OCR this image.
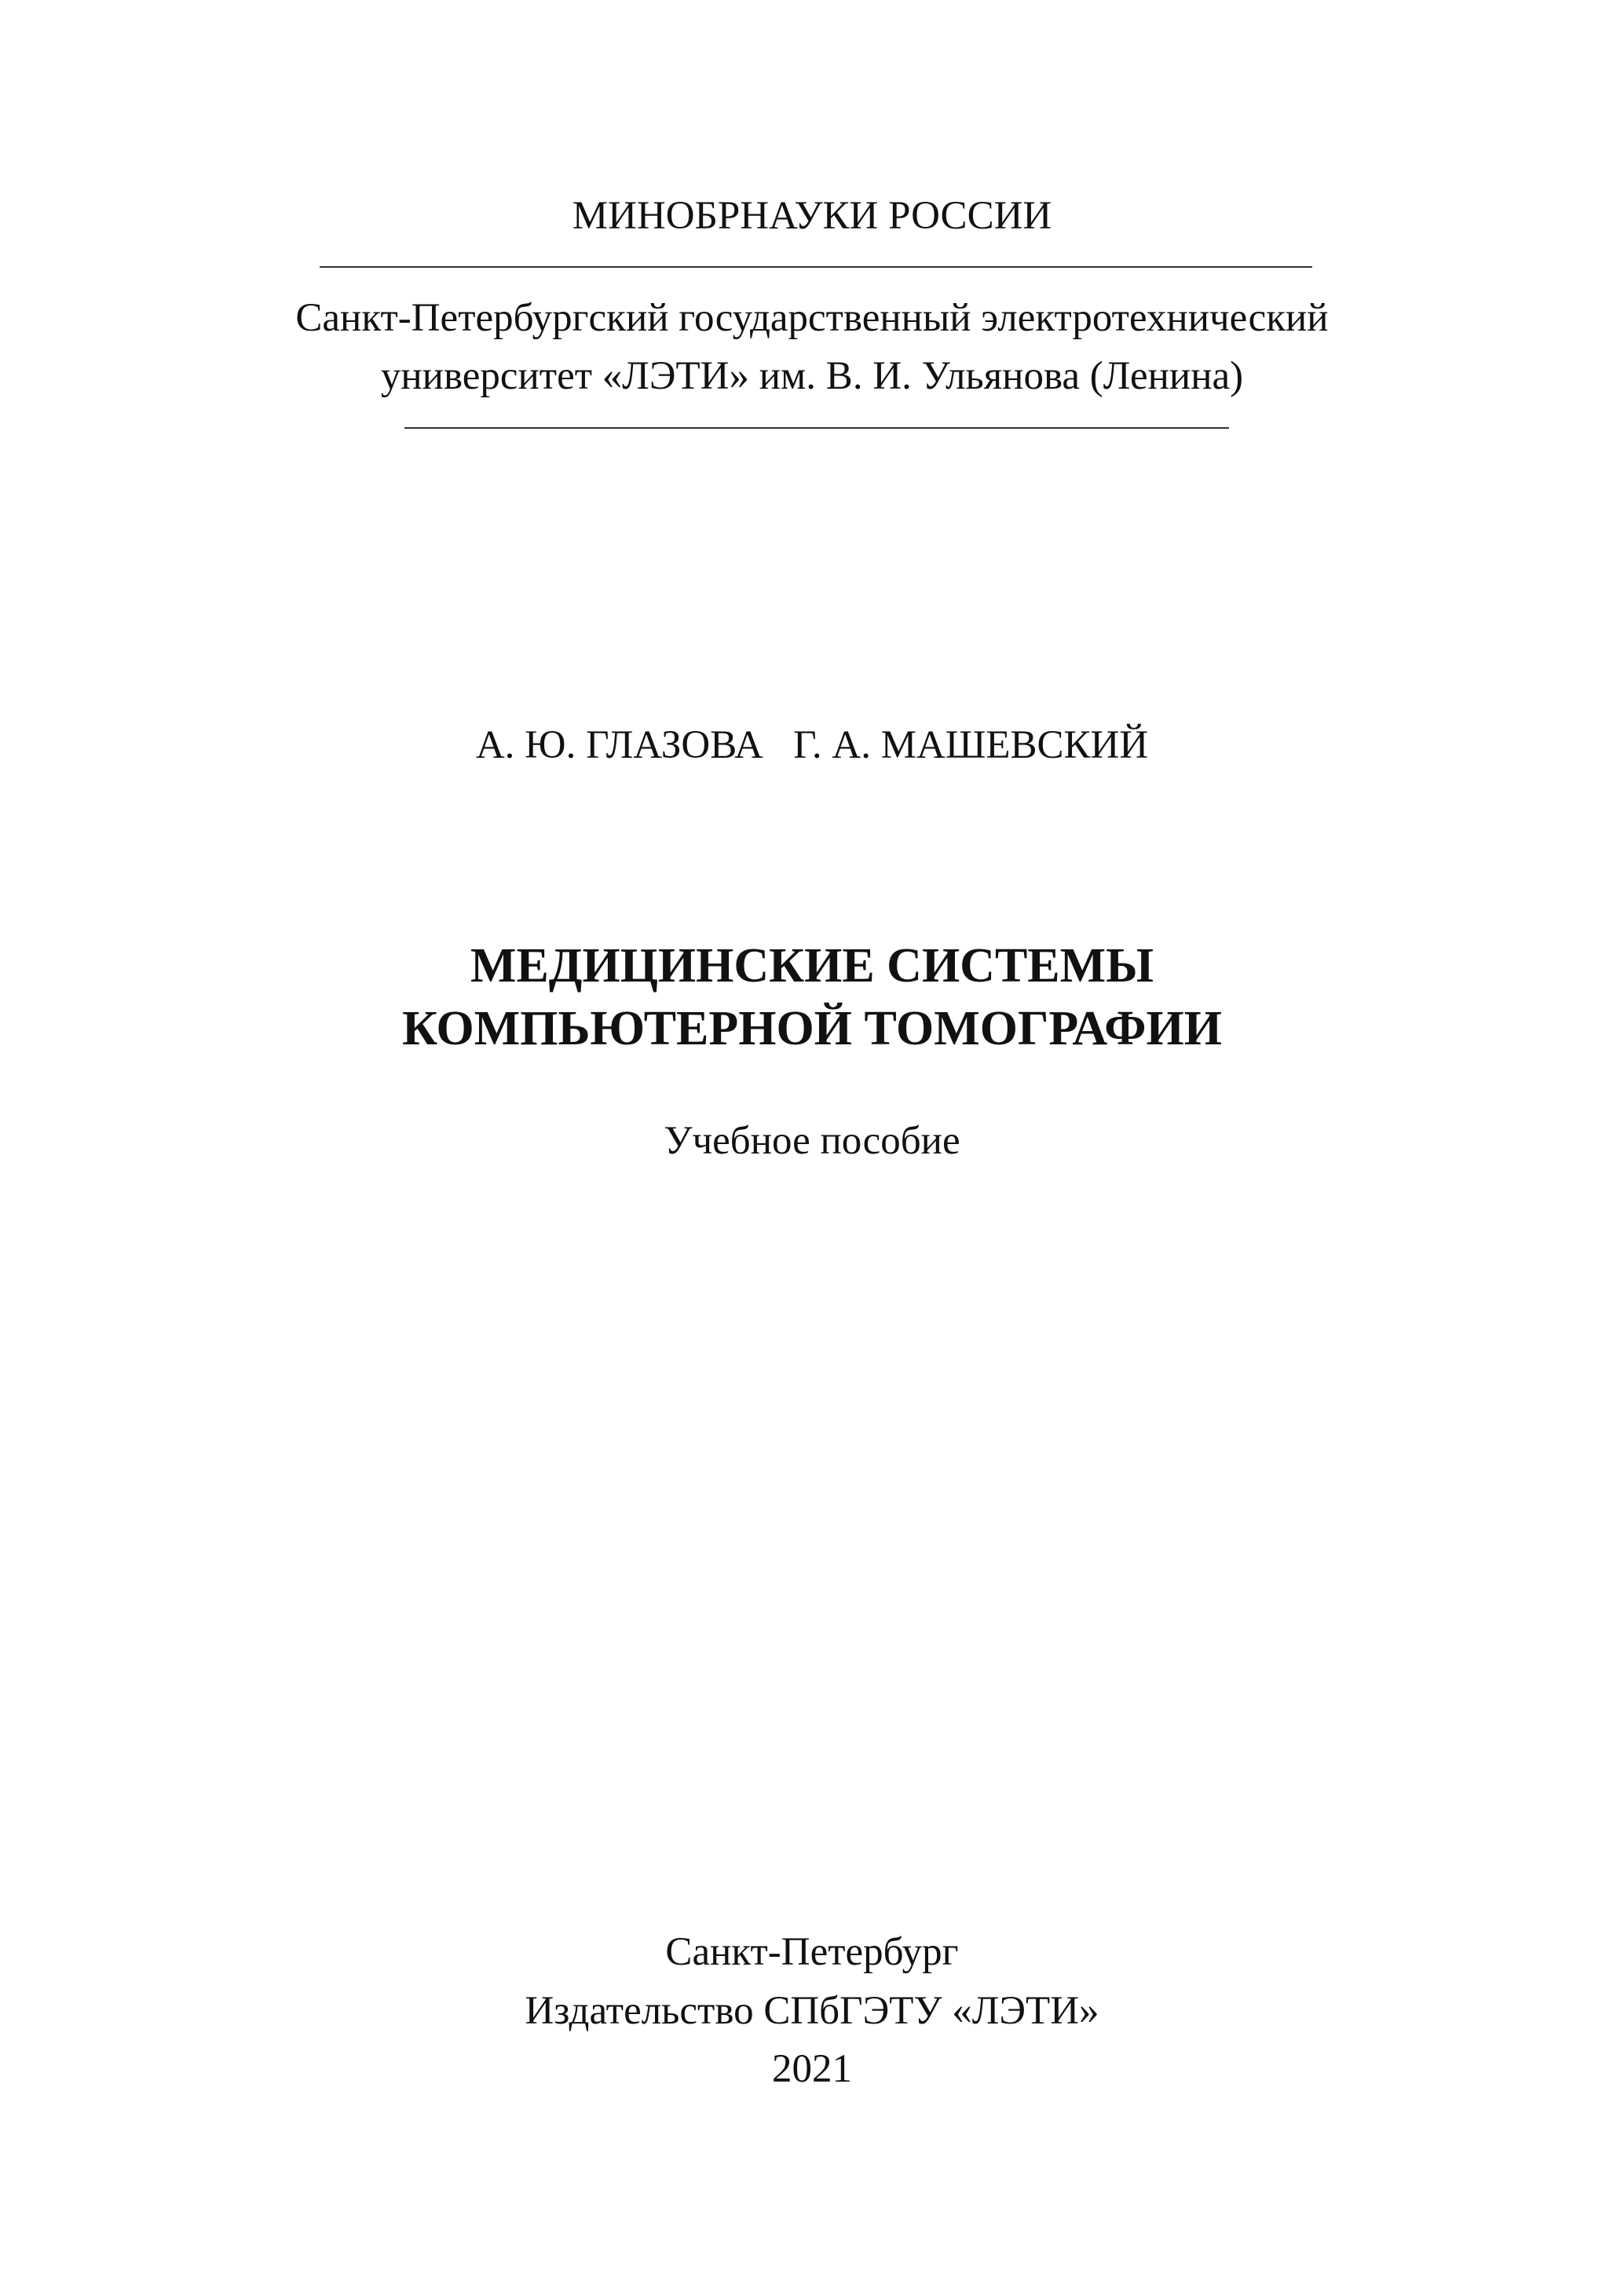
МИНОБРНАУКИ РОССИИ
Санкт-Петербургский государственный электротехнический
университет «ЛЭТИ» им. В. И. Ульянова (Ленина)
А. Ю. ГЛАЗОВА   Г. А. МАШЕВСКИЙ
МЕДИЦИНСКИЕ СИСТЕМЫ
КОМПЬЮТЕРНОЙ ТОМОГРАФИИ
Учебное пособие
Санкт-Петербург
Издательство СПбГЭТУ «ЛЭТИ»
2021
